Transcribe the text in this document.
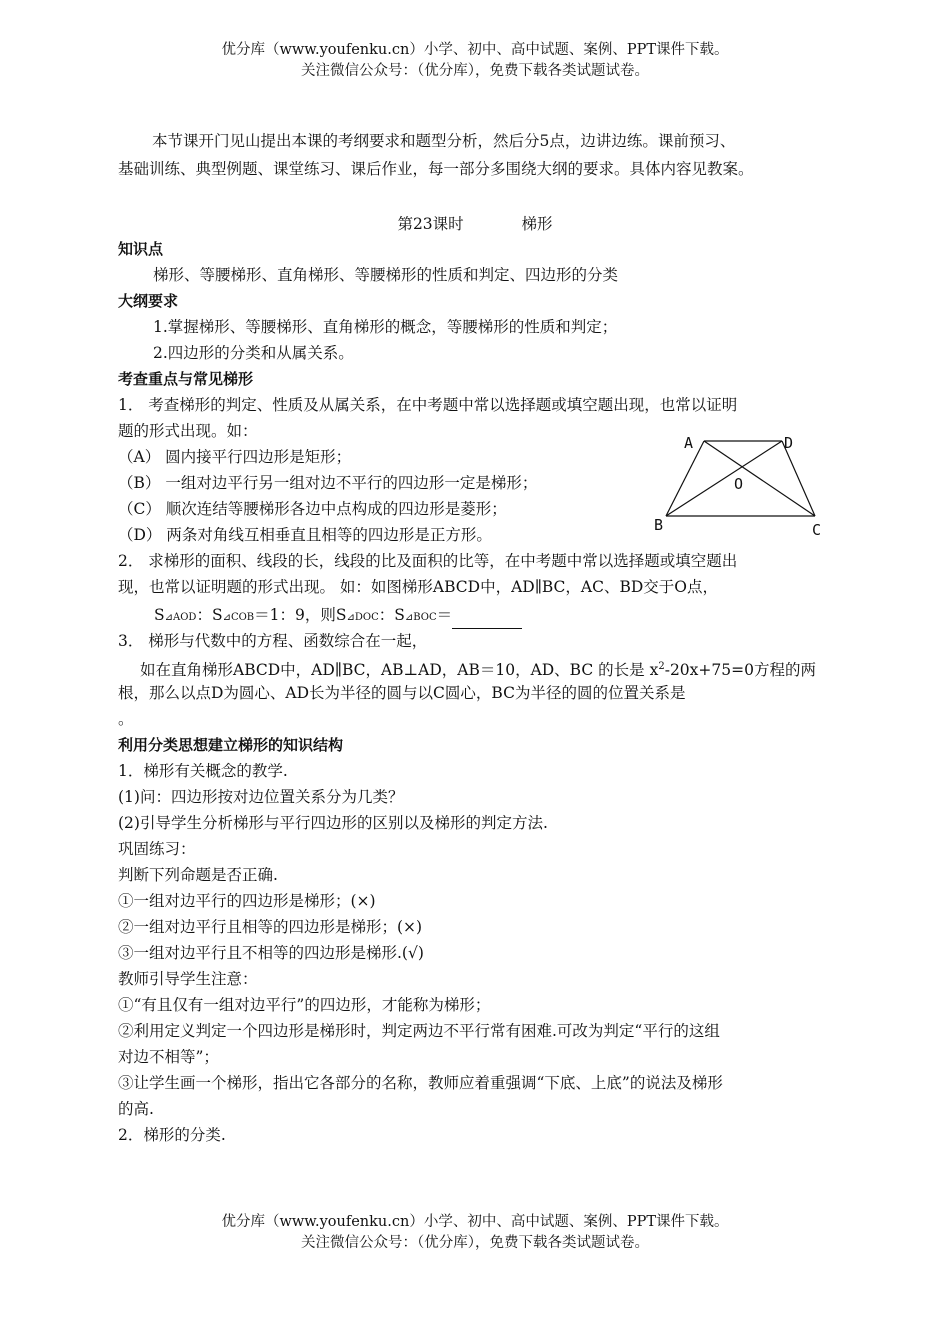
优分库（www.youfenku.cn）小学、初中、高中试题、案例、PPT课件下载。
关注微信公众号：（优分库），免费下载各类试题试卷。
本节课开门见山提出本课的考纲要求和题型分析，然后分5点，边讲边练。课前预习、
基础训练、典型例题、课堂练习、课后作业，每一部分多围绕大纲的要求。具体内容见教案。
第23课时	梯形
知识点
梯形、等腰梯形、直角梯形、等腰梯形的性质和判定、四边形的分类
大纲要求
1.掌握梯形、等腰梯形、直角梯形的概念，等腰梯形的性质和判定；
2.四边形的分类和从属关系。
考查重点与常见梯形
1． 考查梯形的判定、性质及从属关系，在中考题中常以选择题或填空题出现，也常以证明
题的形式出现。如：
（A） 圆内接平行四边形是矩形；
（B） 一组对边平行另一组对边不平行的四边形一定是梯形；
（C） 顺次连结等腰梯形各边中点构成的四边形是菱形；
（D） 两条对角线互相垂直且相等的四边形是正方形。
A	D
O
B	C
2． 求梯形的面积、线段的长，线段的比及面积的比等，在中考题中常以选择题或填空题出
现，也常以证明题的形式出现。 如：如图梯形ABCD中，AD∥BC，AC、BD交于O点，
S⊿AOD：S⊿COB＝1：9，则S⊿DOC：S⊿BOC＝
3． 梯形与代数中的方程、函数综合在一起，
如在直角梯形ABCD中，AD∥BC，AB⊥AD，AB＝10，AD、BC 的长是 $x^2-20x+75=0$方程的两
根，那么以点D为圆心、AD长为半径的圆与以C圆心，BC为半径的圆的位置关系是
。
利用分类思想建立梯形的知识结构
1．梯形有关概念的教学.
(1)问：四边形按对边位置关系分为几类？
(2)引导学生分析梯形与平行四边形的区别以及梯形的判定方法.
巩固练习：
判断下列命题是否正确.
①一组对边平行的四边形是梯形；(×)
②一组对边平行且相等的四边形是梯形；(×)
③一组对边平行且不相等的四边形是梯形.(√)
教师引导学生注意：
①“有且仅有一组对边平行”的四边形，才能称为梯形；
②利用定义判定一个四边形是梯形时，判定两边不平行常有困难.可改为判定“平行的这组
对边不相等”；
③让学生画一个梯形，指出它各部分的名称，教师应着重强调“下底、上底”的说法及梯形
的高.
2．梯形的分类.
优分库（www.youfenku.cn）小学、初中、高中试题、案例、PPT课件下载。
关注微信公众号：（优分库），免费下载各类试题试卷。
